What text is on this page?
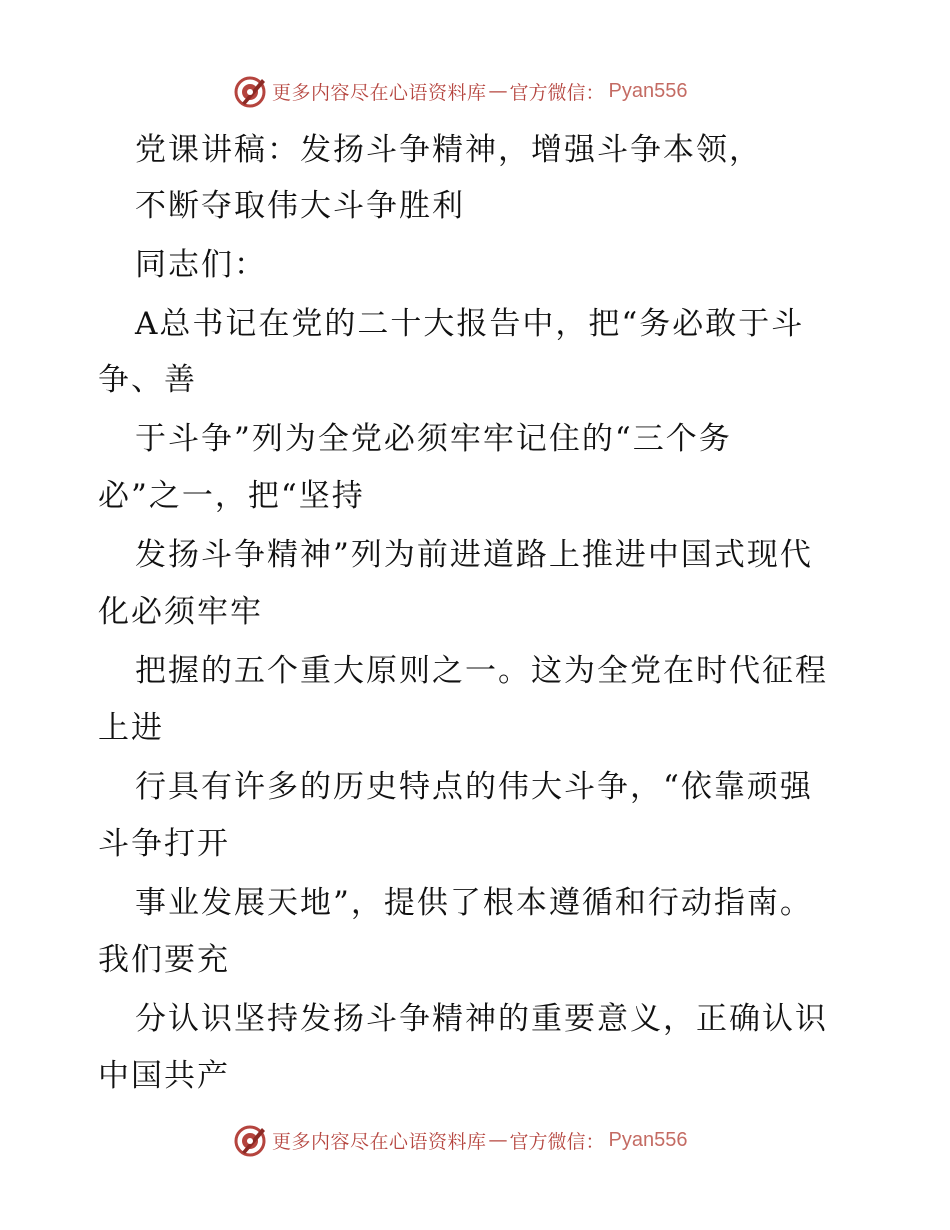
更多内容尽在心语资料库 — 官方微信： Pyan556
党课讲稿：发扬斗争精神，增强斗争本领，
不断夺取伟大斗争胜利
同志们：
A总书记在党的二十大报告中，把“务必敢于斗
争、善
于斗争”列为全党必须牢牢记住的“三个务
必”之一，把“坚持
发扬斗争精神”列为前进道路上推进中国式现代
化必须牢牢
把握的五个重大原则之一。这为全党在时代征程
上进
行具有许多的历史特点的伟大斗争，“依靠顽强
斗争打开
事业发展天地”，提供了根本遵循和行动指南。
我们要充
分认识坚持发扬斗争精神的重要意义，正确认识
中国共产
更多内容尽在心语资料库 — 官方微信： Pyan556
